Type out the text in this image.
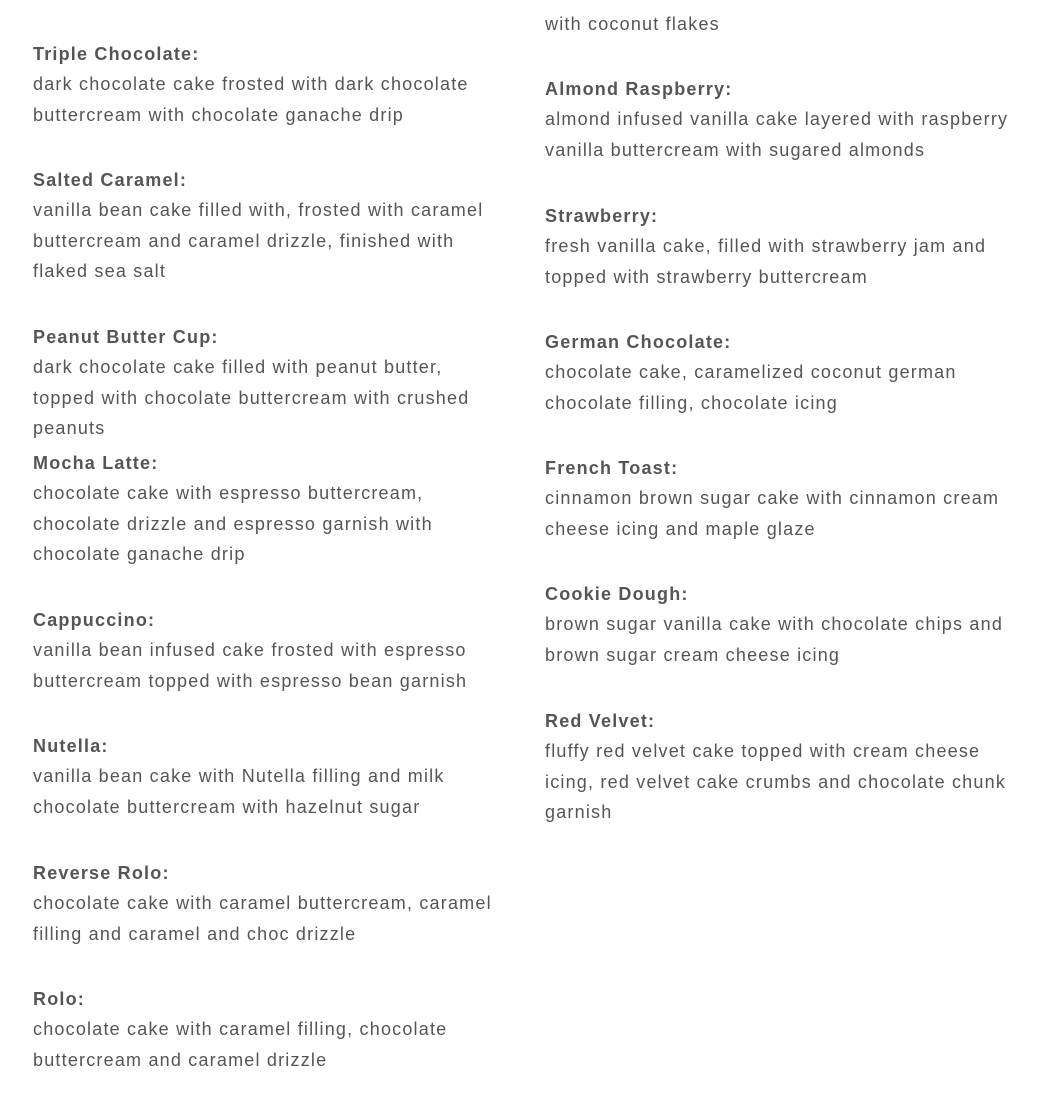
Triple Chocolate:
dark chocolate cake frosted with dark chocolate buttercream with chocolate ganache drip
Salted Caramel:
vanilla bean cake filled with, frosted with caramel buttercream and caramel drizzle, finished with flaked sea salt
Peanut Butter Cup:
dark chocolate cake filled with peanut butter, topped with chocolate buttercream with crushed peanuts
Mocha Latte:
chocolate cake with espresso buttercream, chocolate drizzle and espresso garnish with chocolate ganache drip
Cappuccino:
vanilla bean infused cake frosted with espresso buttercream topped with espresso bean garnish
Nutella:
vanilla bean cake with Nutella filling and milk chocolate buttercream with hazelnut sugar
Reverse Rolo:
chocolate cake with caramel buttercream, caramel filling and caramel and choc drizzle
Rolo:
chocolate cake with caramel filling, chocolate buttercream and caramel drizzle

with coconut flakes

Almond Raspberry:
almond infused vanilla cake layered with raspberry vanilla buttercream with sugared almonds
Strawberry:
fresh vanilla cake, filled with strawberry jam and topped with strawberry buttercream
German Chocolate:
chocolate cake, caramelized coconut german chocolate filling, chocolate icing
French Toast:
cinnamon brown sugar cake with cinnamon cream cheese icing and maple glaze
Cookie Dough:
brown sugar vanilla cake with chocolate chips and brown sugar cream cheese icing
Red Velvet:
fluffy red velvet cake topped with cream cheese icing, red velvet cake crumbs and chocolate chunk garnish
